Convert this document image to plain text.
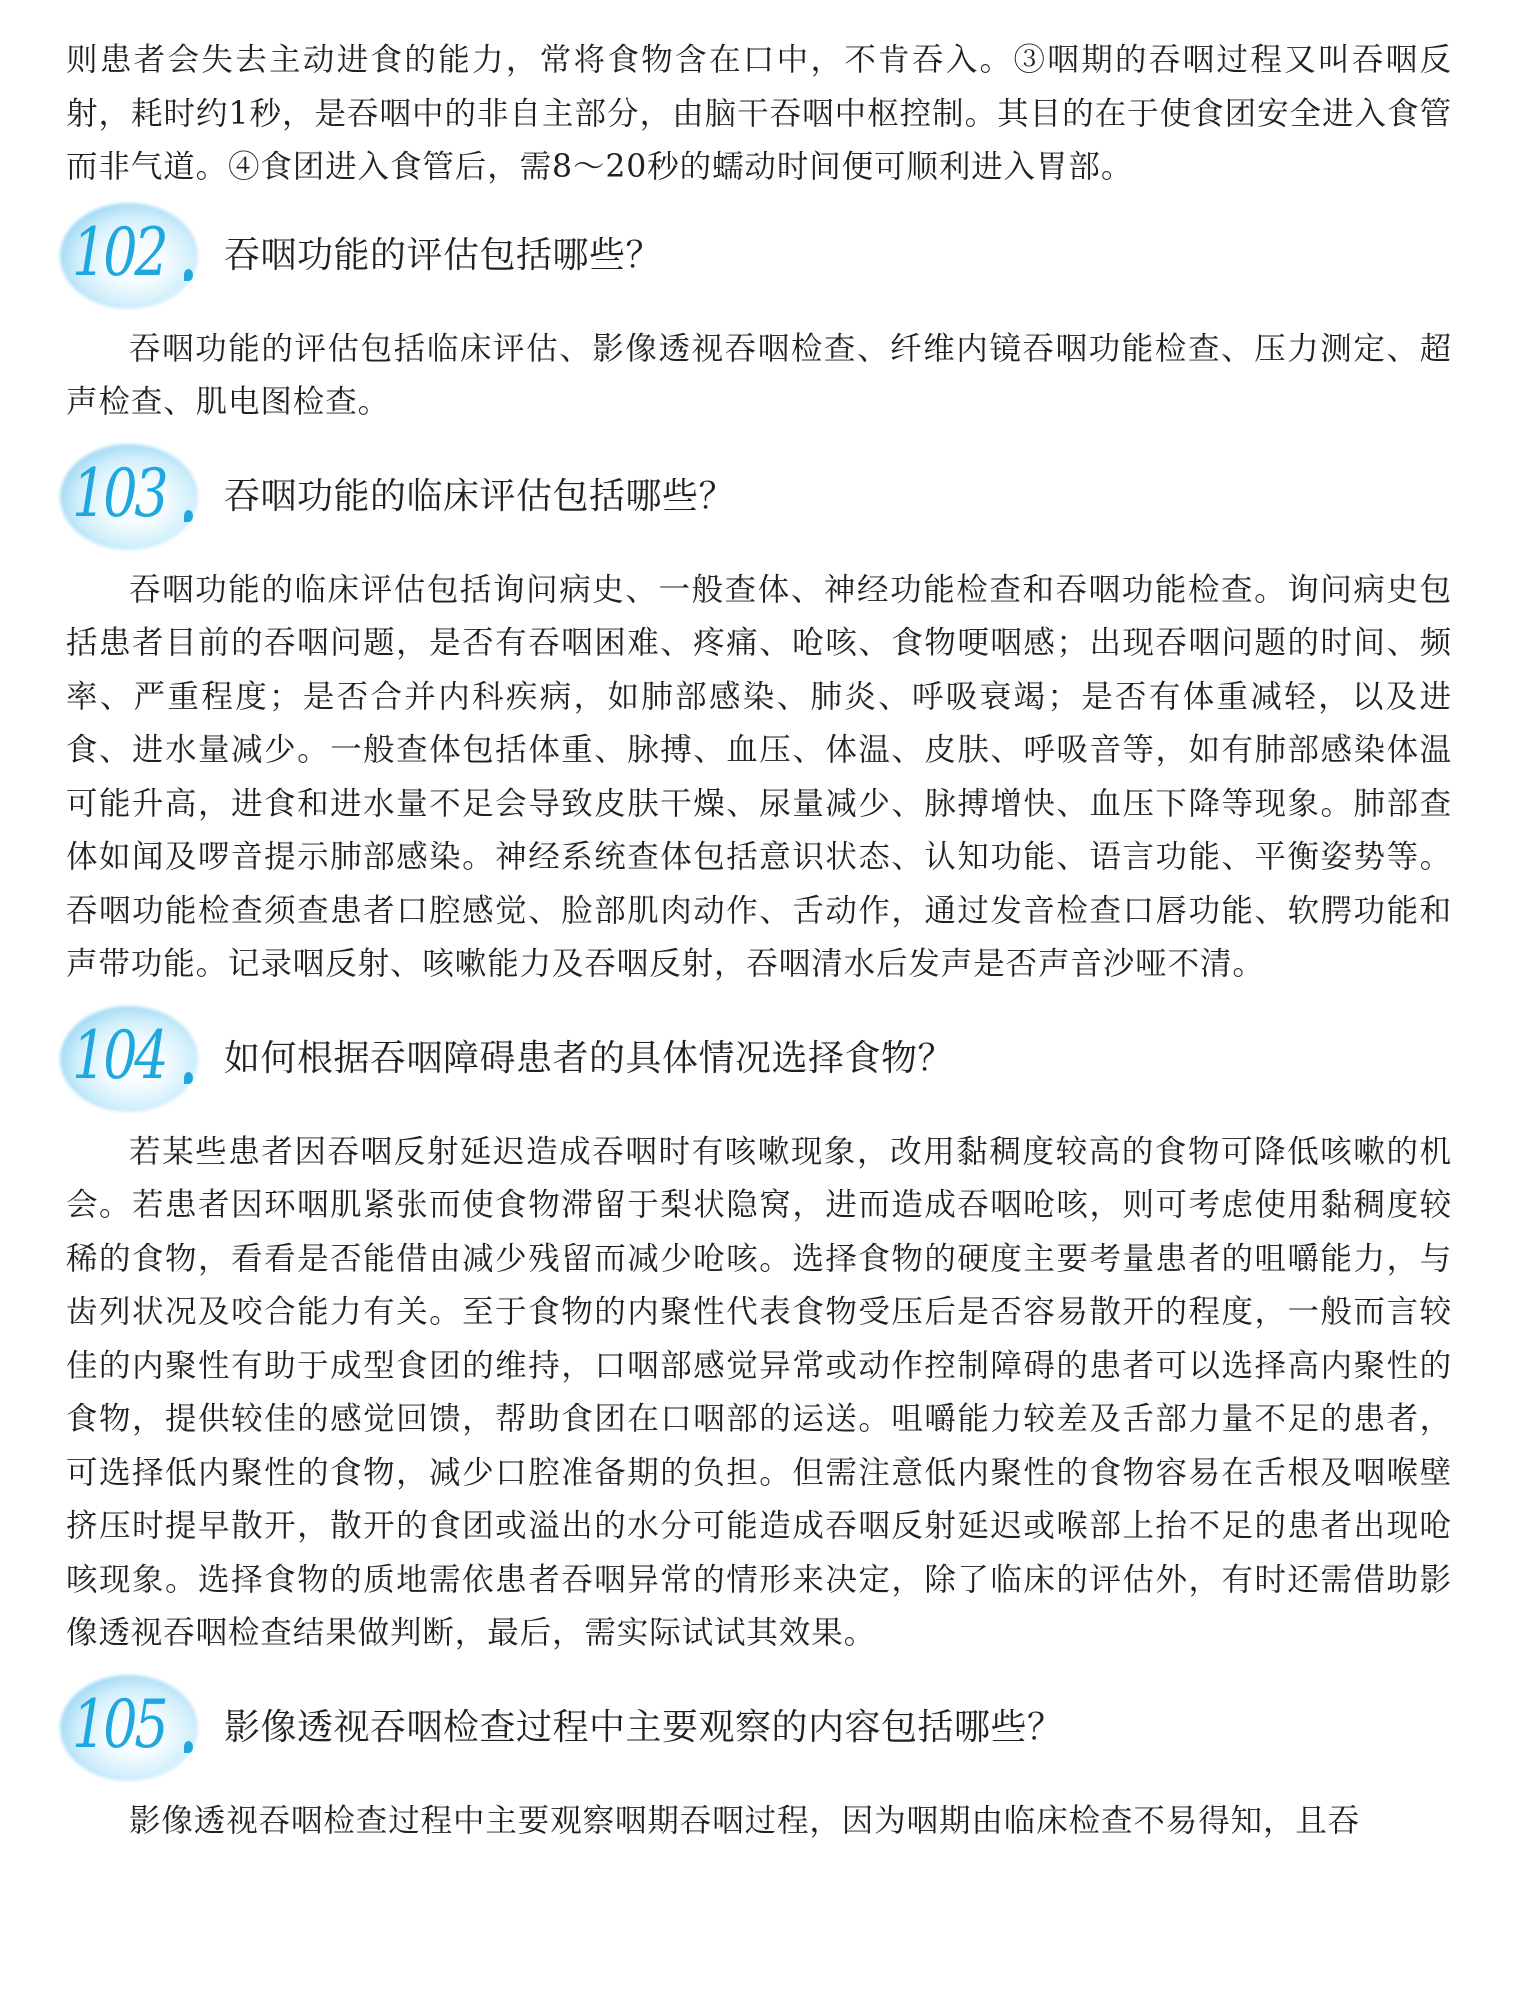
则患者会失去主动进食的能力，常将食物含在口中，不肯吞入。③咽期的吞咽过程又叫吞咽反射，耗时约1秒，是吞咽中的非自主部分，由脑干吞咽中枢控制。其目的在于使食团安全进入食管而非气道。④食团进入食管后，需8～20秒的蠕动时间便可顺利进入胃部。

102 吞咽功能的评估包括哪些？

吞咽功能的评估包括临床评估、影像透视吞咽检查、纤维内镜吞咽功能检查、压力测定、超声检查、肌电图检查。

103 吞咽功能的临床评估包括哪些？

吞咽功能的临床评估包括询问病史、一般查体、神经功能检查和吞咽功能检查。询问病史包括患者目前的吞咽问题，是否有吞咽困难、疼痛、呛咳、食物哽咽感；出现吞咽问题的时间、频率、严重程度；是否合并内科疾病，如肺部感染、肺炎、呼吸衰竭；是否有体重减轻，以及进食、进水量减少。一般查体包括体重、脉搏、血压、体温、皮肤、呼吸音等，如有肺部感染体温可能升高，进食和进水量不足会导致皮肤干燥、尿量减少、脉搏增快、血压下降等现象。肺部查体如闻及啰音提示肺部感染。神经系统查体包括意识状态、认知功能、语言功能、平衡姿势等。吞咽功能检查须查患者口腔感觉、脸部肌肉动作、舌动作，通过发音检查口唇功能、软腭功能和声带功能。记录咽反射、咳嗽能力及吞咽反射，吞咽清水后发声是否声音沙哑不清。

104 如何根据吞咽障碍患者的具体情况选择食物？

若某些患者因吞咽反射延迟造成吞咽时有咳嗽现象，改用黏稠度较高的食物可降低咳嗽的机会。若患者因环咽肌紧张而使食物滞留于梨状隐窝，进而造成吞咽呛咳，则可考虑使用黏稠度较稀的食物，看看是否能借由减少残留而减少呛咳。选择食物的硬度主要考量患者的咀嚼能力，与齿列状况及咬合能力有关。至于食物的内聚性代表食物受压后是否容易散开的程度，一般而言较佳的内聚性有助于成型食团的维持，口咽部感觉异常或动作控制障碍的患者可以选择高内聚性的食物，提供较佳的感觉回馈，帮助食团在口咽部的运送。咀嚼能力较差及舌部力量不足的患者，可选择低内聚性的食物，减少口腔准备期的负担。但需注意低内聚性的食物容易在舌根及咽喉壁挤压时提早散开，散开的食团或溢出的水分可能造成吞咽反射延迟或喉部上抬不足的患者出现呛咳现象。选择食物的质地需依患者吞咽异常的情形来决定，除了临床的评估外，有时还需借助影像透视吞咽检查结果做判断，最后，需实际试试其效果。

105 影像透视吞咽检查过程中主要观察的内容包括哪些？

影像透视吞咽检查过程中主要观察咽期吞咽过程，因为咽期由临床检查不易得知，且吞
